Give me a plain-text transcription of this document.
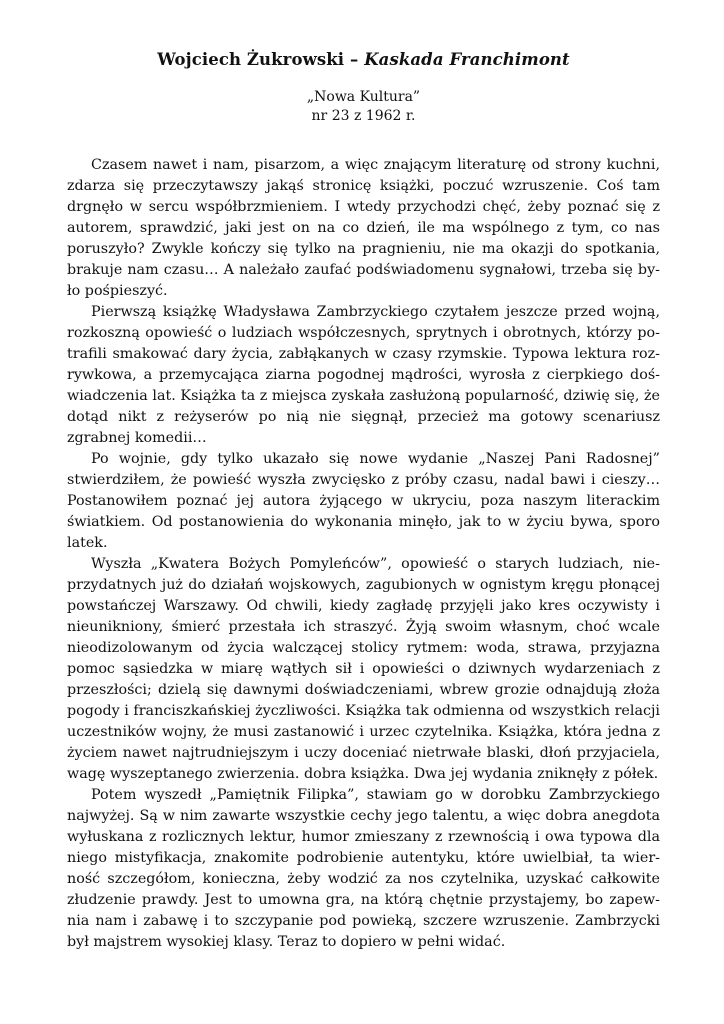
Wojciech Żukrowski – Kaskada Franchimont
„Nowa Kultura”
nr 23 z 1962 r.

Czasem nawet i nam, pisarzom, a więc znającym literaturę od strony kuchni, zdarza się przeczytawszy jakąś stronicę książki, poczuć wzruszenie. Coś tam drgnęło w sercu współbrzmieniem. I wtedy przychodzi chęć, żeby poznać się z autorem, sprawdzić, jaki jest on na co dzień, ile ma wspólnego z tym, co nas poruszyło? Zwykle kończy się tylko na pragnieniu, nie ma okazji do spotkania, brakuje nam czasu… A należało zaufać podświadomenu sygnałowi, trzeba się było pośpieszyć.

Pierwszą książkę Władysława Zambrzyckiego czytałem jeszcze przed wojną, rozkoszną opowieść o ludziach współczesnych, sprytnych i obrotnych, którzy potrafili smakować dary życia, zabłąkanych w czasy rzymskie. Typowa lektura rozrywkowa, a przemycająca ziarna pogodnej mądrości, wyrosła z cierpkiego doświadczenia lat. Książka ta z miejsca zyskała zasłużoną popularność, dziwię się, że dotąd nikt z reżyserów po nią nie sięgnął, przecież ma gotowy scenariusz zgrabnej komedii…

Po wojnie, gdy tylko ukazało się nowe wydanie „Naszej Pani Radosnej” stwierdziłem, że powieść wyszła zwycięsko z próby czasu, nadal bawi i cieszy… Postanowiłem poznać jej autora żyjącego w ukryciu, poza naszym literackim światkiem. Od postanowienia do wykonania minęło, jak to w życiu bywa, sporo latek.

Wyszła „Kwatera Bożych Pomyleńców”, opowieść o starych ludziach, nieprzydatnych już do działań wojskowych, zagubionych w ognistym kręgu płonącej powstańczej Warszawy. Od chwili, kiedy zagładę przyjęli jako kres oczywisty i nieunikniony, śmierć przestała ich straszyć. Żyją swoim własnym, choć wcale nieodizolowanym od życia walczącej stolicy rytmem: woda, strawa, przyjazna pomoc sąsiedzka w miarę wątłych sił i opowieści o dziwnych wydarzeniach z przeszłości; dzielą się dawnymi doświadczeniami, wbrew grozie odnajdują złoża pogody i franciszkańskiej życzliwości. Książka tak odmienna od wszystkich relacji uczestników wojny, że musi zastanowić i urzec czytelnika. Książka, która jedna z życiem nawet najtrudniejszym i uczy doceniać nietrwałe blaski, dłoń przyjaciela, wagę wyszeptanego zwierzenia. dobra książka. Dwa jej wydania zniknęły z półek.

Potem wyszedł „Pamiętnik Filipka”, stawiam go w dorobku Zambrzyckiego najwyżej. Są w nim zawarte wszystkie cechy jego talentu, a więc dobra anegdota wyłuskana z rozlicznych lektur, humor zmieszany z rzewnością i owa typowa dla niego mistyfikacja, znakomite podrobienie autentyku, które uwielbiał, ta wierność szczegółom, konieczna, żeby wodzić za nos czytelnika, uzyskać całkowite złudzenie prawdy. Jest to umowna gra, na którą chętnie przystajemy, bo zapewnia nam i zabawę i to szczypanie pod powieką, szczere wzruszenie. Zambrzycki był majstrem wysokiej klasy. Teraz to dopiero w pełni widać.
